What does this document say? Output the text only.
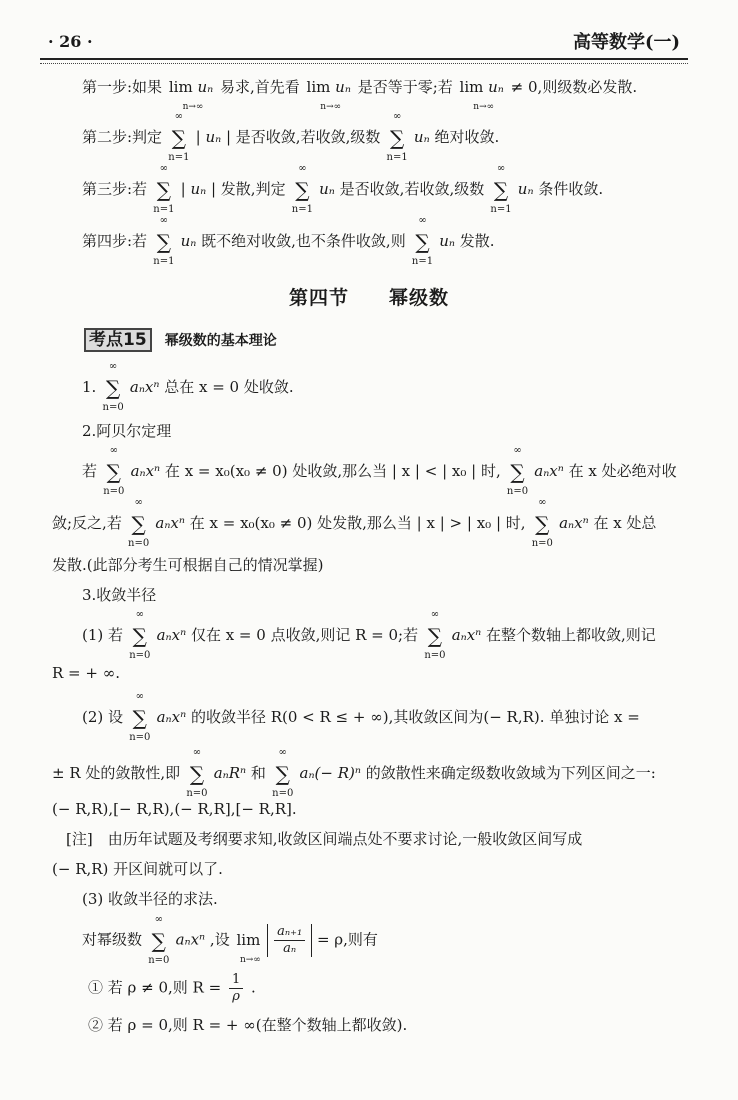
· 26 ·	高等数学(一)
第一步:如果 lim uₙ
n→∞
易求,首先看 lim uₙ
n→∞
是否等于零;若 lim uₙ
n→∞
≠ 0,则级数必发散.
第二步:判定
∞
∑
n=1
| uₙ | 是否收敛,若收敛,级数
∞
∑
n=1
uₙ 绝对收敛.
第三步:若
∞
∑
n=1
| uₙ | 发散,判定
∞
∑
n=1
uₙ 是否收敛,若收敛,级数
∞
∑
n=1
uₙ 条件收敛.
第四步:若
∞
∑
n=1
uₙ 既不绝对收敛,也不条件收敛,则
∞
∑
n=1
uₙ 发散.
第四节　　幂级数
考点15 幂级数的基本理论
1.
∞
∑
n=0
aₙxⁿ 总在 x = 0 处收敛.
2.阿贝尔定理
若
∞
∑
n=0
aₙxⁿ 在 x = x₀(x₀ ≠ 0) 处收敛,那么当 | x | < | x₀ | 时,
∞
∑
n=0
aₙxⁿ 在 x 处必绝对收
敛;反之,若
∞
∑
n=0
aₙxⁿ 在 x = x₀(x₀ ≠ 0) 处发散,那么当 | x | > | x₀ | 时,
∞
∑
n=0
aₙxⁿ 在 x 处总
发散.(此部分考生可根据自己的情况掌握)
3.收敛半径
(1) 若
∞
∑
n=0
aₙxⁿ 仅在 x = 0 点收敛,则记 R = 0;若
∞
∑
n=0
aₙxⁿ 在整个数轴上都收敛,则记
R = + ∞.
(2) 设
∞
∑
n=0
aₙxⁿ 的收敛半径 R(0 < R ≤ + ∞),其收敛区间为(− R,R). 单独讨论 x =
± R 处的敛散性,即
∞
∑
n=0
aₙRⁿ 和
∞
∑
n=0
aₙ(− R)ⁿ 的敛散性来确定级数收敛域为下列区间之一:
(− R,R),[− R,R),(− R,R],[− R,R].
[注]　由历年试题及考纲要求知,收敛区间端点处不要求讨论,一般收敛区间写成
(− R,R) 开区间就可以了.
(3) 收敛半径的求法.
对幂级数
∞
∑
n=0
aₙxⁿ ,设 lim
n→∞

$\frac{\text{aₙ₊₁}}{\text{aₙ}} = \rho$,则有
① 若 ρ ≠ 0,则 $R = \frac{1}{\rho}$ .
② 若 ρ = 0,则 R = + ∞(在整个数轴上都收敛).
